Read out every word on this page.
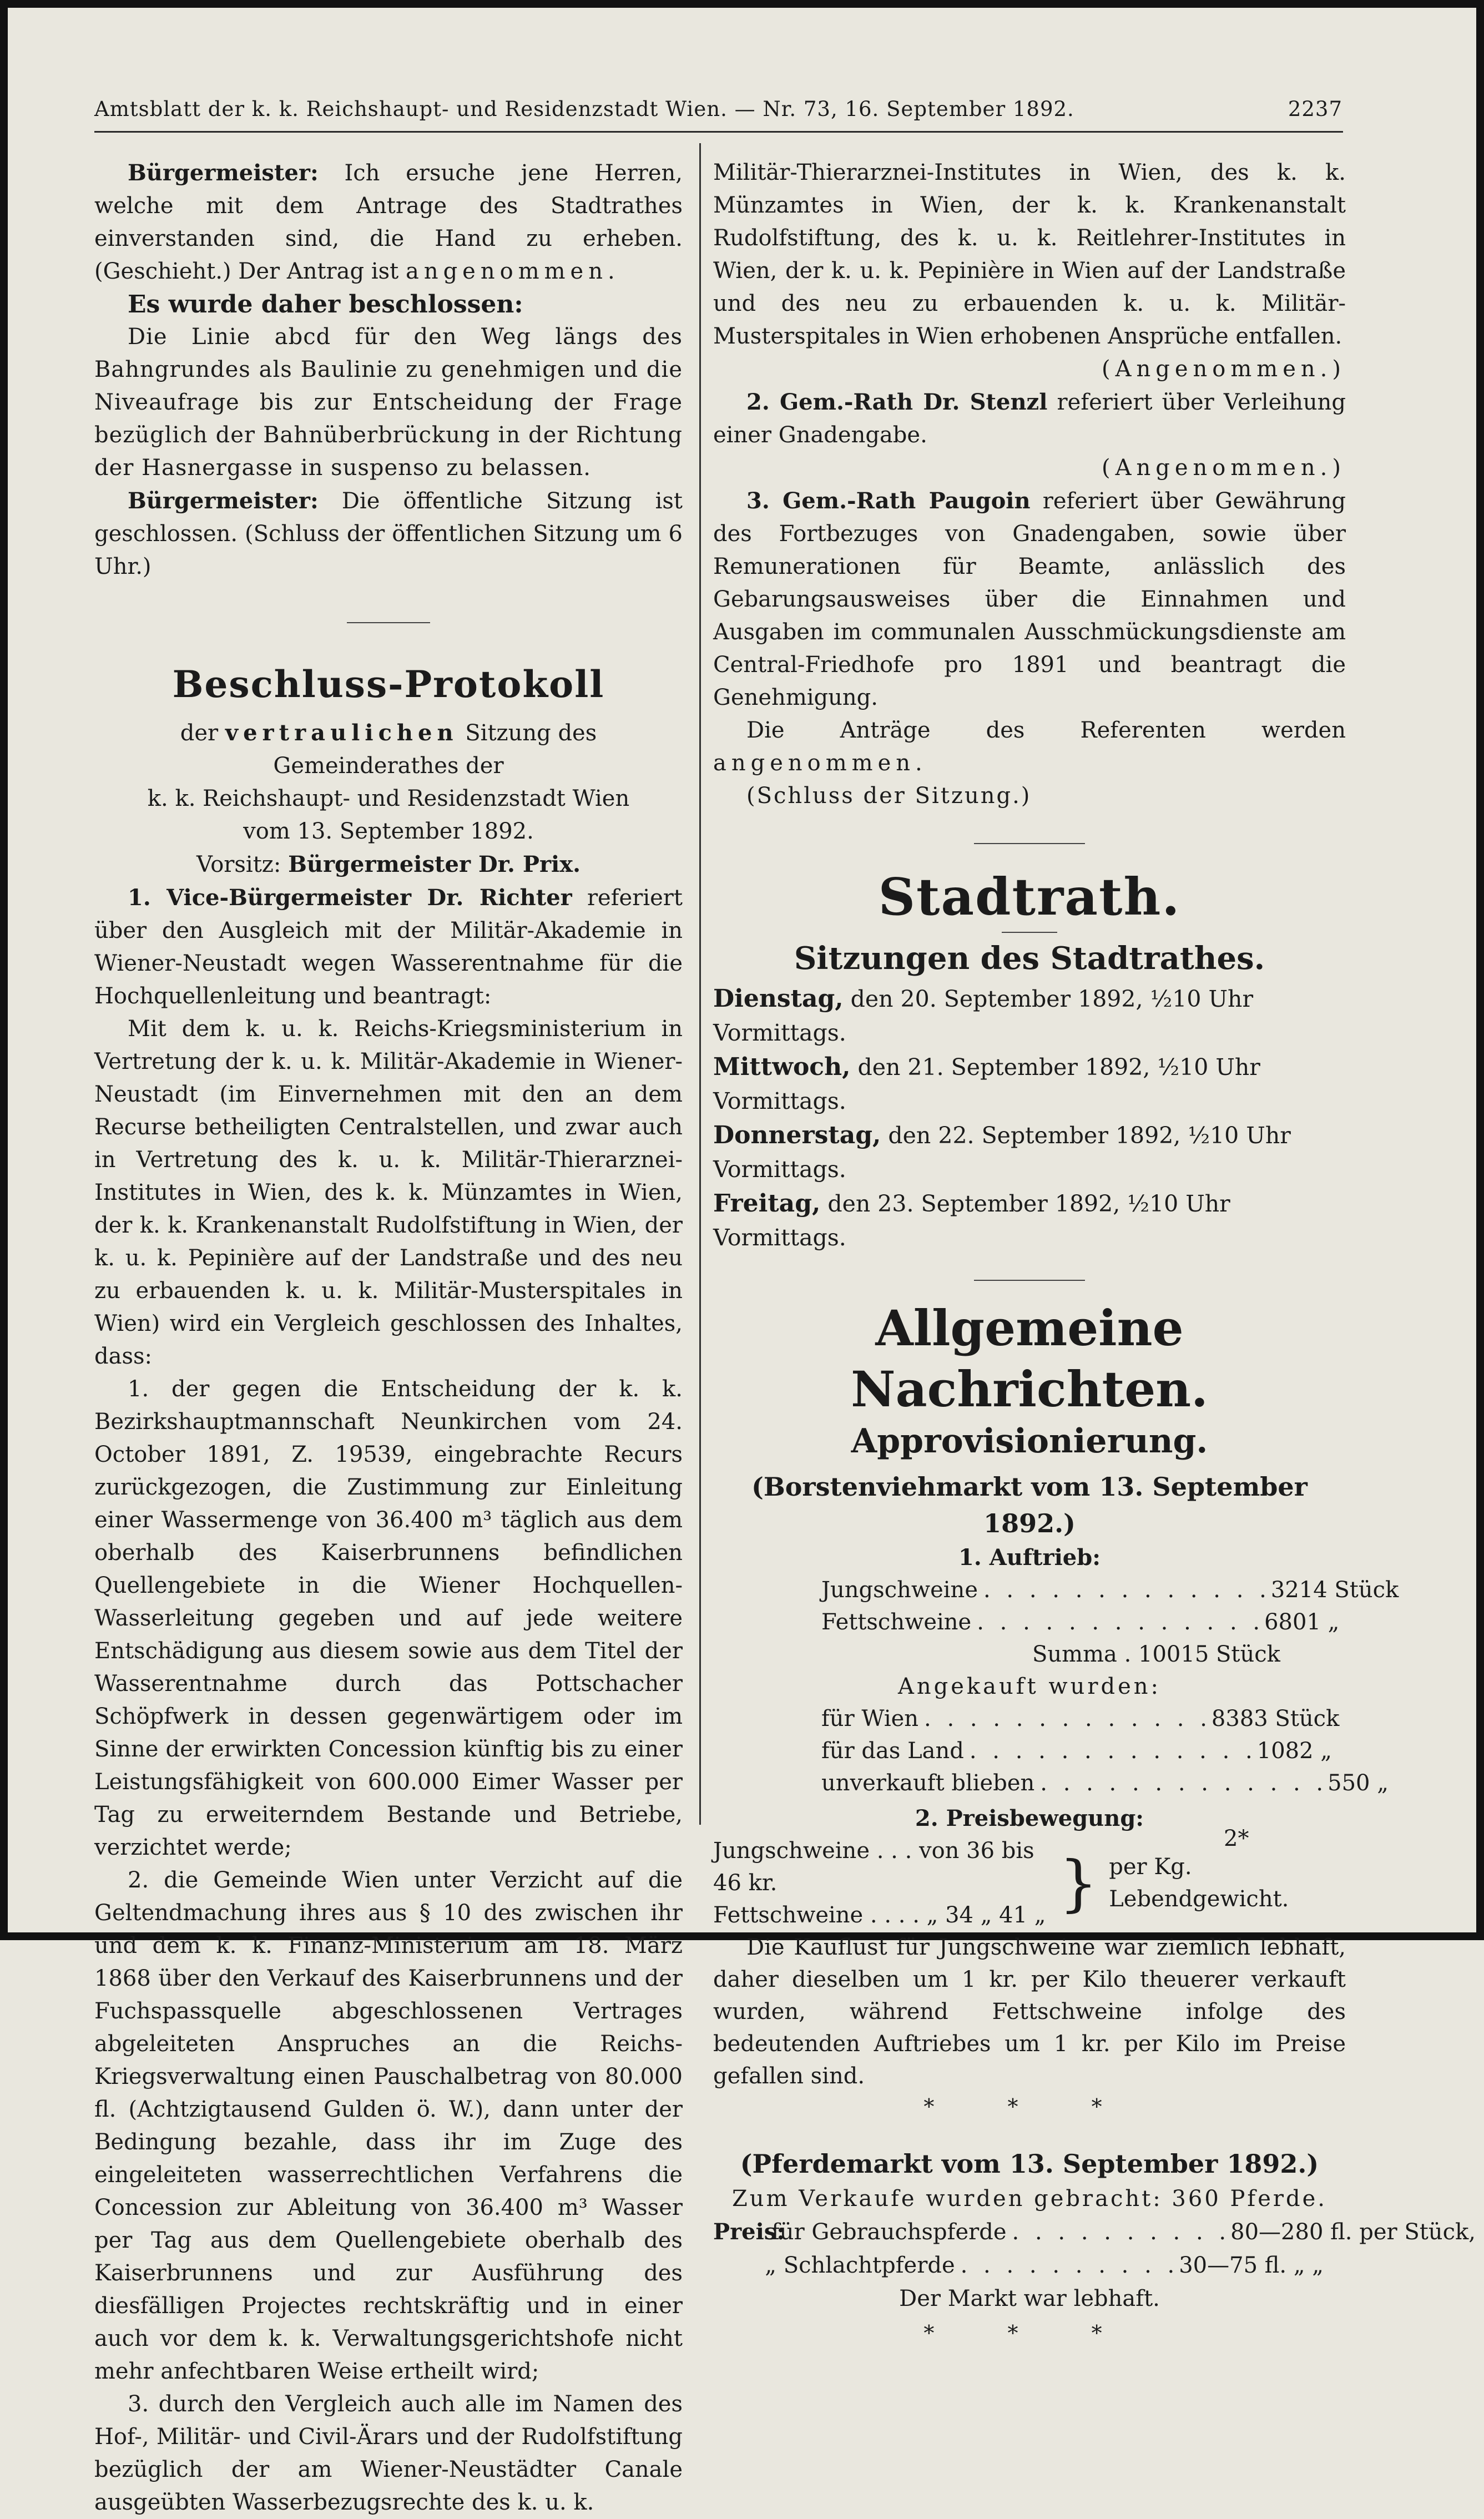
Amtsblatt der k. k. Reichshaupt- und Residenzstadt Wien. — Nr. 73, 16. September 1892.	2237

Bürgermeister: Ich ersuche jene Herren, welche mit dem Antrage des Stadtrathes einverstanden sind, die Hand zu erheben. (Geschieht.) Der Antrag ist angenommen.

Es wurde daher beschlossen:

Die Linie abcd für den Weg längs des Bahngrundes als Baulinie zu genehmigen und die Niveaufrage bis zur Entscheidung der Frage bezüglich der Bahnüberbrückung in der Richtung der Hasnergasse in suspenso zu belassen.

Bürgermeister: Die öffentliche Sitzung ist geschlossen. (Schluss der öffentlichen Sitzung um 6 Uhr.)

Beschluss-Protokoll

der vertraulichen Sitzung des Gemeinderathes der

k. k. Reichshaupt- und Residenzstadt Wien

vom 13. September 1892.

Vorsitz: Bürgermeister Dr. Prix.

1. Vice-Bürgermeister Dr. Richter referiert über den Ausgleich mit der Militär-Akademie in Wiener-Neustadt wegen Wasserentnahme für die Hochquellenleitung und beantragt:

Mit dem k. u. k. Reichs-Kriegsministerium in Vertretung der k. u. k. Militär-Akademie in Wiener-Neustadt (im Einvernehmen mit den an dem Recurse betheiligten Centralstellen, und zwar auch in Vertretung des k. u. k. Militär-Thierarznei-Institutes in Wien, des k. k. Münzamtes in Wien, der k. k. Krankenanstalt Rudolfstiftung in Wien, der k. u. k. Pepinière auf der Landstraße und des neu zu erbauenden k. u. k. Militär-Musterspitales in Wien) wird ein Vergleich geschlossen des Inhaltes, dass:

1. der gegen die Entscheidung der k. k. Bezirkshauptmannschaft Neunkirchen vom 24. October 1891, Z. 19539, eingebrachte Recurs zurückgezogen, die Zustimmung zur Einleitung einer Wassermenge von 36.400 m³ täglich aus dem oberhalb des Kaiserbrunnens befindlichen Quellengebiete in die Wiener Hochquellen-Wasserleitung gegeben und auf jede weitere Entschädigung aus diesem sowie aus dem Titel der Wasserentnahme durch das Pottschacher Schöpfwerk in dessen gegenwärtigem oder im Sinne der erwirkten Concession künftig bis zu einer Leistungsfähigkeit von 600.000 Eimer Wasser per Tag zu erweiterndem Bestande und Betriebe, verzichtet werde;

2. die Gemeinde Wien unter Verzicht auf die Geltendmachung ihres aus § 10 des zwischen ihr und dem k. k. Finanz-Ministerium am 18. März 1868 über den Verkauf des Kaiserbrunnens und der Fuchspassquelle abgeschlossenen Vertrages abgeleiteten Anspruches an die Reichs-Kriegsverwaltung einen Pauschalbetrag von 80.000 fl. (Achtzigtausend Gulden ö. W.), dann unter der Bedingung bezahle, dass ihr im Zuge des eingeleiteten wasserrechtlichen Verfahrens die Concession zur Ableitung von 36.400 m³ Wasser per Tag aus dem Quellengebiete oberhalb des Kaiserbrunnens und zur Ausführung des diesfälligen Projectes rechtskräftig und in einer auch vor dem k. k. Verwaltungsgerichtshofe nicht mehr anfechtbaren Weise ertheilt wird;

3. durch den Vergleich auch alle im Namen des Hof-, Militär- und Civil-Ärars und der Rudolfstiftung bezüglich der am Wiener-Neustädter Canale ausgeübten Wasserbezugsrechte des k. u. k.

Militär-Thierarznei-Institutes in Wien, des k. k. Münzamtes in Wien, der k. k. Krankenanstalt Rudolfstiftung, des k. u. k. Reitlehrer-Institutes in Wien, der k. u. k. Pepinière in Wien auf der Landstraße und des neu zu erbauenden k. u. k. Militär-Musterspitales in Wien erhobenen Ansprüche entfallen.

(Angenommen.)

2. Gem.-Rath Dr. Stenzl referiert über Verleihung einer Gnadengabe.

(Angenommen.)

3. Gem.-Rath Paugoin referiert über Gewährung des Fortbezuges von Gnadengaben, sowie über Remunerationen für Beamte, anlässlich des Gebarungsausweises über die Einnahmen und Ausgaben im communalen Ausschmückungsdienste am Central-Friedhofe pro 1891 und beantragt die Genehmigung.

Die Anträge des Referenten werden angenommen.

(Schluss der Sitzung.)

Stadtrath.
Sitzungen des Stadtrathes.
Dienstag, den 20. September 1892, ½10 Uhr Vormittags.
Mittwoch, den 21. September 1892, ½10 Uhr Vormittags.
Donnerstag, den 22. September 1892, ½10 Uhr Vormittags.
Freitag, den 23. September 1892, ½10 Uhr Vormittags.
Allgemeine Nachrichten.
Approvisionierung.
(Borstenviehmarkt vom 13. September 1892.)

1. Auftrieb:

Jungschweine . . . . . . . . . . . . . 3214 Stück
Fettschweine . . . . . . . . . . . . . 6801 „

Summa . 10015 Stück

Angekauft wurden:

für Wien . . . . . . . . . . . . . 8383 Stück
für das Land . . . . . . . . . . . . . 1082 „
unverkauft blieben . . . . . . . . . . . . . 550 „

2. Preisbewegung:

Jungschweine . . . von 36 bis 46 kr.
Fettschweine . . . . „ 34 „ 41 „ } per Kg. Lebendgewicht.

Die Kauflust für Jungschweine war ziemlich lebhaft, daher dieselben um 1 kr. per Kilo theuerer verkauft wurden, während Fettschweine infolge des bedeutenden Auftriebes um 1 kr. per Kilo im Preise gefallen sind.

* * *
(Pferdemarkt vom 13. September 1892.)

Zum Verkaufe wurden gebracht: 360 Pferde.

Preis:
für Gebrauchspferde . . . . . . . . . . 80—280 fl. per Stück,
„ Schlachtpferde . . . . . . . . . . 30—75 fl. „ „

Der Markt war lebhaft.

* * *
2*
